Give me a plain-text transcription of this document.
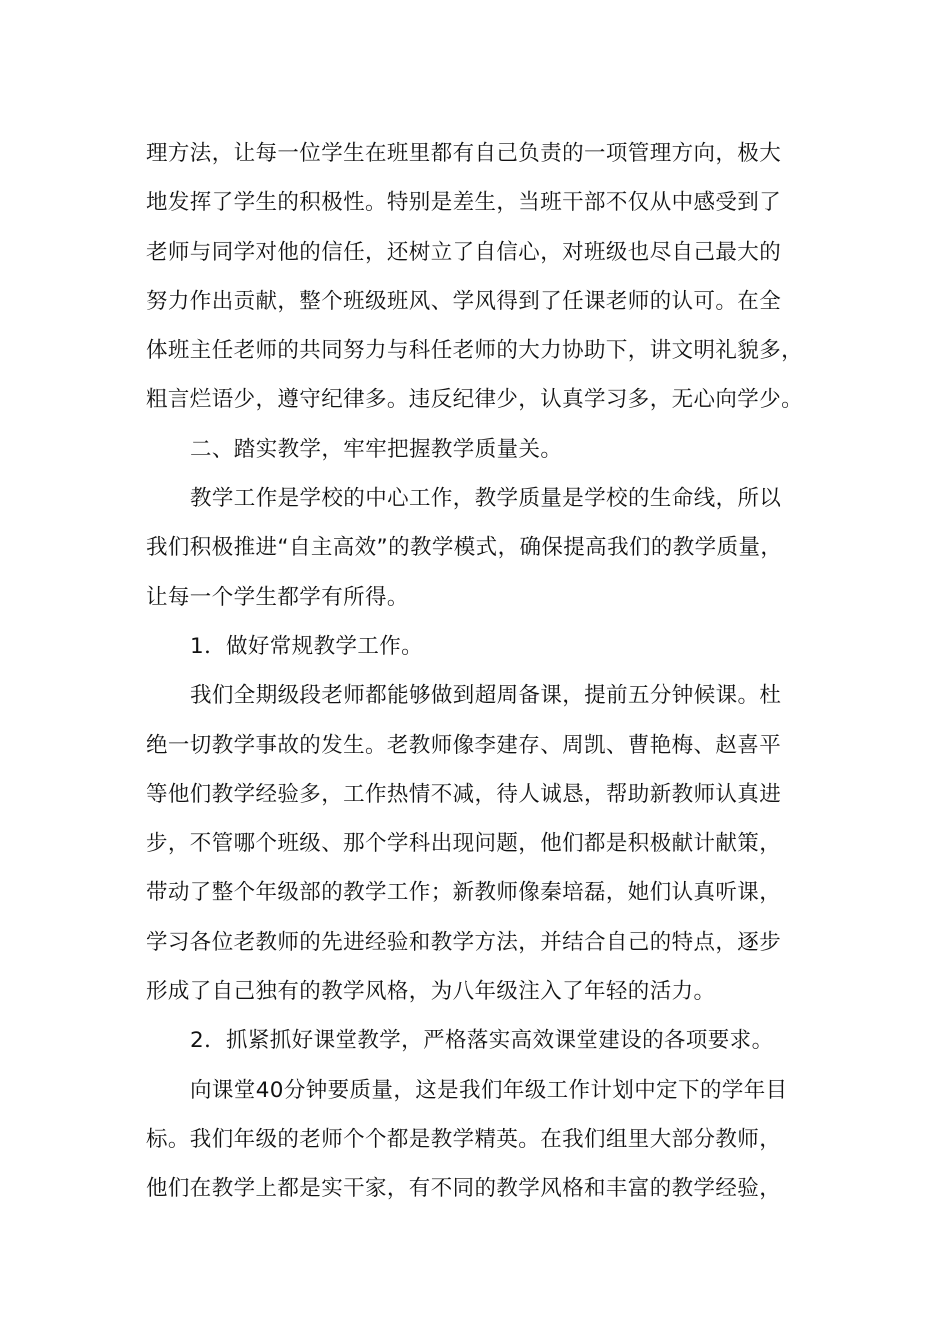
理方法，让每一位学生在班里都有自己负责的一项管理方向，极大
地发挥了学生的积极性。特别是差生，当班干部不仅从中感受到了
老师与同学对他的信任，还树立了自信心，对班级也尽自己最大的
努力作出贡献，整个班级班风、学风得到了任课老师的认可。在全
体班主任老师的共同努力与科任老师的大力协助下，讲文明礼貌多，
粗言烂语少，遵守纪律多。违反纪律少，认真学习多，无心向学少。
二、踏实教学，牢牢把握教学质量关。
教学工作是学校的中心工作，教学质量是学校的生命线，所以
我们积极推进“自主高效”的教学模式，确保提高我们的教学质量，
让每一个学生都学有所得。
1．做好常规教学工作。
我们全期级段老师都能够做到超周备课，提前五分钟候课。杜
绝一切教学事故的发生。老教师像李建存、周凯、曹艳梅、赵喜平
等他们教学经验多，工作热情不减，待人诚恳，帮助新教师认真进
步，不管哪个班级、那个学科出现问题，他们都是积极献计献策，
带动了整个年级部的教学工作；新教师像秦培磊，她们认真听课，
学习各位老教师的先进经验和教学方法，并结合自己的特点，逐步
形成了自己独有的教学风格，为八年级注入了年轻的活力。
2．抓紧抓好课堂教学，严格落实高效课堂建设的各项要求。
向课堂40分钟要质量，这是我们年级工作计划中定下的学年目
标。我们年级的老师个个都是教学精英。在我们组里大部分教师，
他们在教学上都是实干家，有不同的教学风格和丰富的教学经验，
